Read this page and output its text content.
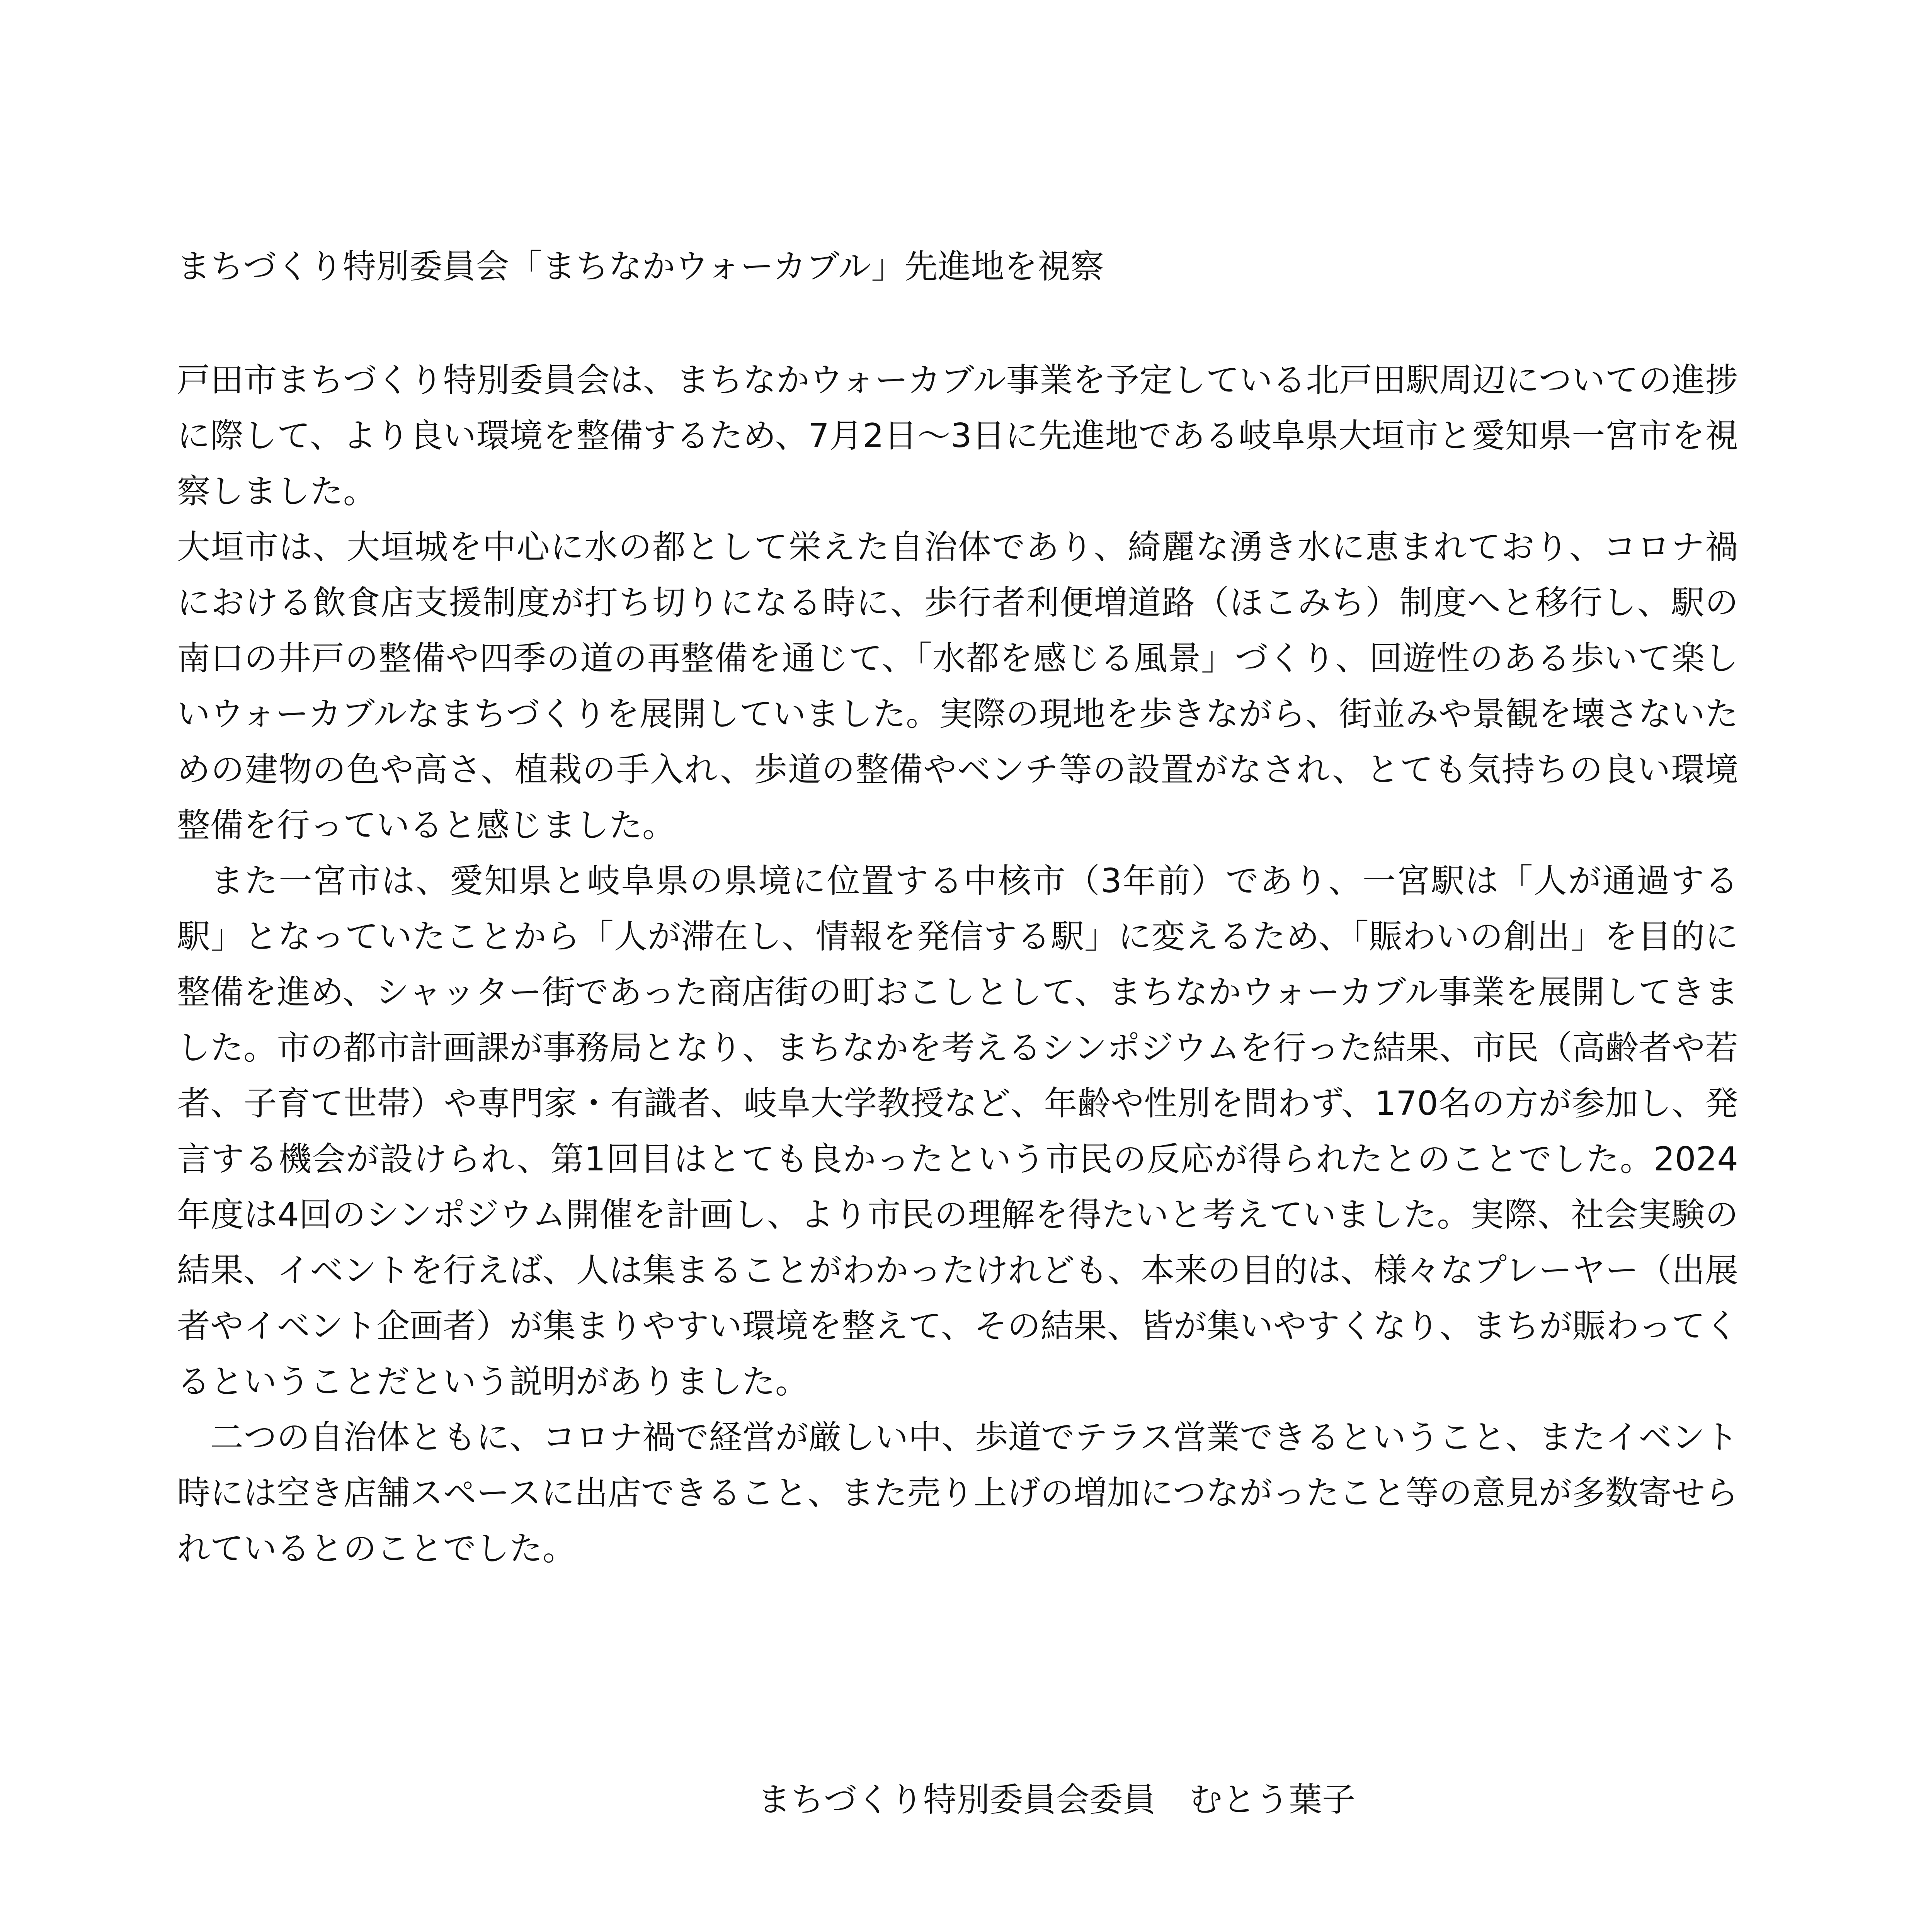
まちづくり特別委員会「まちなかウォーカブル」先進地を視察

戸田市まちづくり特別委員会は、まちなかウォーカブル事業を予定している北戸田駅周辺についての進捗に際して、より良い環境を整備するため、7月2日～3日に先進地である岐阜県大垣市と愛知県一宮市を視察しました。

大垣市は、大垣城を中心に水の都として栄えた自治体であり、綺麗な湧き水に恵まれており、コロナ禍における飲食店支援制度が打ち切りになる時に、歩行者利便増道路（ほこみち）制度へと移行し、駅の南口の井戸の整備や四季の道の再整備を通じて、「水都を感じる風景」づくり、回遊性のある歩いて楽しいウォーカブルなまちづくりを展開していました。実際の現地を歩きながら、街並みや景観を壊さないための建物の色や高さ、植栽の手入れ、歩道の整備やベンチ等の設置がなされ、とても気持ちの良い環境整備を行っていると感じました。

また一宮市は、愛知県と岐阜県の県境に位置する中核市（3年前）であり、一宮駅は「人が通過する駅」となっていたことから「人が滞在し、情報を発信する駅」に変えるため、「賑わいの創出」を目的に整備を進め、シャッター街であった商店街の町おこしとして、まちなかウォーカブル事業を展開してきました。市の都市計画課が事務局となり、まちなかを考えるシンポジウムを行った結果、市民（高齢者や若者、子育て世帯）や専門家・有識者、岐阜大学教授など、年齢や性別を問わず、170名の方が参加し、発言する機会が設けられ、第1回目はとても良かったという市民の反応が得られたとのことでした。2024年度は4回のシンポジウム開催を計画し、より市民の理解を得たいと考えていました。実際、社会実験の結果、イベントを行えば、人は集まることがわかったけれども、本来の目的は、様々なプレーヤー（出展者やイベント企画者）が集まりやすい環境を整えて、その結果、皆が集いやすくなり、まちが賑わってくるということだという説明がありました。

二つの自治体ともに、コロナ禍で経営が厳しい中、歩道でテラス営業できるということ、またイベント時には空き店舗スペースに出店できること、また売り上げの増加につながったこと等の意見が多数寄せられているとのことでした。

まちづくり特別委員会委員 むとう葉子
